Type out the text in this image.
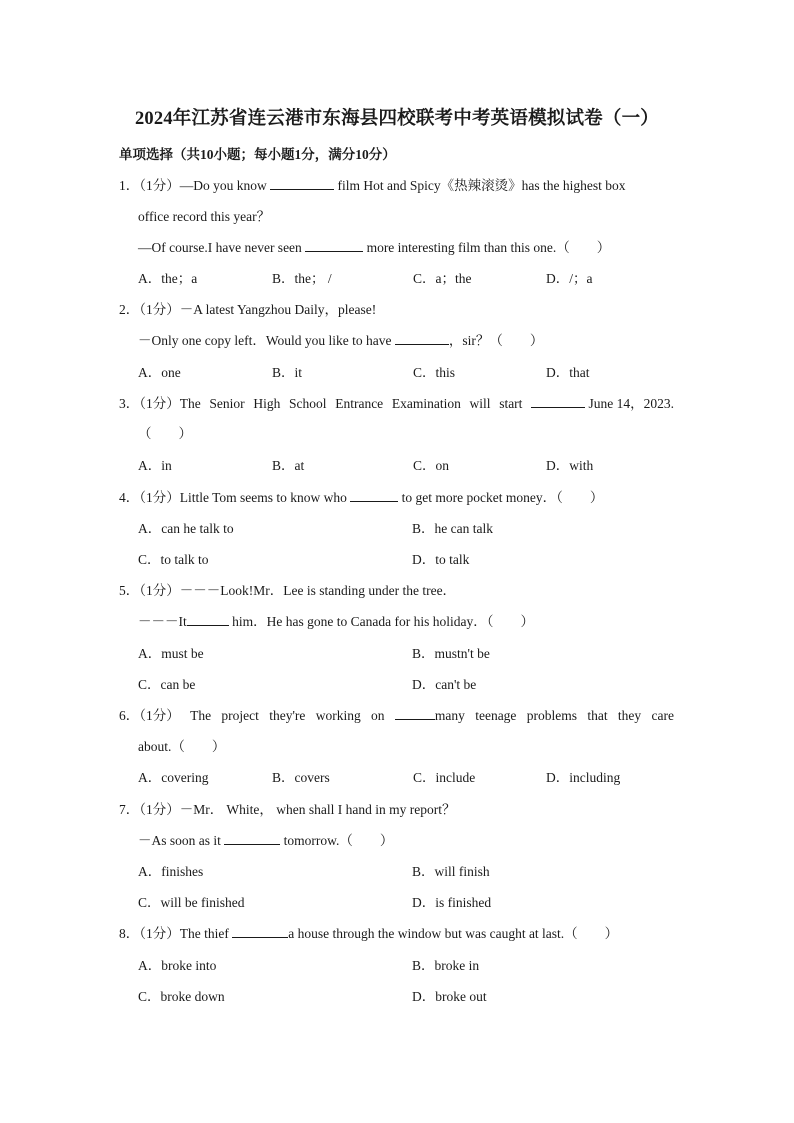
2024年江苏省连云港市东海县四校联考中考英语模拟试卷（一）
单项选择（共10小题；每小题1分，满分10分）
1．（1分）—Do you know	film Hot and Spicy《热辣滚烫》has the highest box
office record this year？
—Of course.I have never seen	more interesting film than this one.（　　）
A．the；a	B．the； /	C．a；the	D．/；a
2．（1分）－A latest Yangzhou Daily，please!
－Only one copy left．Would you like to have	，sir？（　　）
A．one	B．it	C．this	D．that
3．（1分）The Senior High School Entrance Examination will start	June 14，2023.
（　　）
A．in	B．at	C．on	D．with
4．（1分）Little Tom seems to know who	to get more pocket money．（　　）
A．can he talk to	B．he can talk
C．to talk to	D．to talk
5．（1分）－－－Look!Mr．Lee is standing under the tree．
－－－It	him．He has gone to Canada for his holiday．（　　）
A．must be	B．mustn't be
C．can be	D．can't be
6．（1分） The project they're working on	many teenage problems that they care
about.（　　）
A．covering	B．covers	C．include	D．including
7．（1分）－Mr． White， when shall I hand in my report？
－As soon as it	tomorrow.（　　）
A．finishes	B．will finish
C．will be finished	D．is finished
8．（1分）The thief	a house through the window but was caught at last.（　　）
A．broke into	B．broke in
C．broke down	D．broke out
